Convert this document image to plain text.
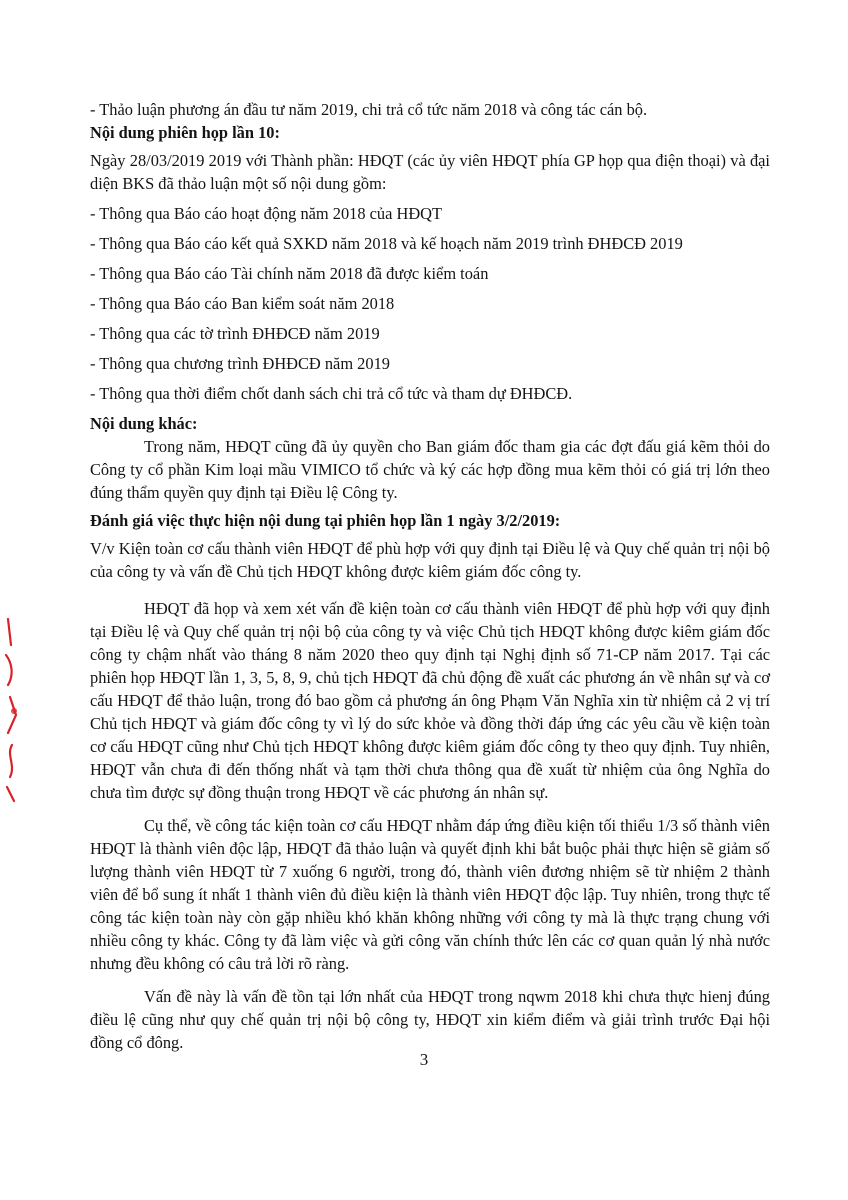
- Thảo luận phương án đầu tư năm 2019, chi trả cổ tức năm 2018 và công tác cán bộ.

Nội dung phiên họp lần 10:

Ngày 28/03/2019 2019 với Thành phần: HĐQT (các ủy viên HĐQT phía GP họp qua điện thoại) và đại diện BKS đã thảo luận một số nội dung gồm:

- Thông qua Báo cáo hoạt động năm 2018 của HĐQT

- Thông qua Báo cáo kết quả SXKD năm 2018 và kế hoạch năm 2019 trình ĐHĐCĐ 2019

- Thông qua Báo cáo Tài chính năm 2018 đã được kiểm toán

- Thông qua Báo cáo Ban kiểm soát năm 2018

- Thông qua các tờ trình ĐHĐCĐ năm 2019

- Thông qua chương trình ĐHĐCĐ năm 2019

- Thông qua thời điểm chốt danh sách chi trả cổ tức và tham dự ĐHĐCĐ.

Nội dung khác:

Trong năm, HĐQT cũng đã ủy quyền cho Ban giám đốc tham gia các đợt đấu giá kẽm thỏi do Công ty cổ phần Kim loại mầu VIMICO tổ chức và ký các hợp đồng mua kẽm thỏi có giá trị lớn theo đúng thẩm quyền quy định tại Điều lệ Công ty.

Đánh giá việc thực hiện nội dung tại phiên họp lần 1 ngày 3/2/2019:

V/v Kiện toàn cơ cấu thành viên HĐQT để phù hợp với quy định tại Điều lệ và Quy chế quản trị nội bộ của công ty và vấn đề Chủ tịch HĐQT không được kiêm giám đốc công ty.

HĐQT đã họp và xem xét vấn đề kiện toàn cơ cấu thành viên HĐQT để phù hợp với quy định tại Điều lệ và Quy chế quản trị nội bộ của công ty và việc Chủ tịch HĐQT không được kiêm giám đốc công ty chậm nhất vào tháng 8 năm 2020 theo quy định tại Nghị định số 71-CP năm 2017. Tại các phiên họp HĐQT lần 1, 3, 5, 8, 9, chủ tịch HĐQT đã chủ động đề xuất các phương án về nhân sự và cơ cấu HĐQT để thảo luận, trong đó bao gồm cả phương án ông Phạm Văn Nghĩa xin từ nhiệm cả 2 vị trí Chủ tịch HĐQT và giám đốc công ty vì lý do sức khỏe và đồng thời đáp ứng các yêu cầu về kiện toàn cơ cấu HĐQT cũng như Chủ tịch HĐQT không được kiêm giám đốc công ty theo quy định. Tuy nhiên, HĐQT vẫn chưa đi đến thống nhất và tạm thời chưa thông qua đề xuất từ nhiệm của ông Nghĩa do chưa tìm được sự đồng thuận trong HĐQT về các phương án nhân sự.

Cụ thể, về công tác kiện toàn cơ cấu HĐQT nhằm đáp ứng điều kiện tối thiểu 1/3 số thành viên HĐQT là thành viên độc lập, HĐQT đã thảo luận và quyết định khi bắt buộc phải thực hiện sẽ giảm số lượng thành viên HĐQT từ 7 xuống 6 người, trong đó, thành viên đương nhiệm sẽ từ nhiệm 2 thành viên để bổ sung ít nhất 1 thành viên đủ điều kiện là thành viên HĐQT độc lập. Tuy nhiên, trong thực tế công tác kiện toàn này còn gặp nhiều khó khăn không những với công ty mà là thực trạng chung với nhiều công ty khác. Công ty đã làm việc và gửi công văn chính thức lên các cơ quan quản lý nhà nước nhưng đều không có câu trả lời rõ ràng.

Vấn đề này là vấn đề tồn tại lớn nhất của HĐQT trong nqwm 2018 khi chưa thực hienj đúng điều lệ cũng như quy chế quản trị nội bộ công ty, HĐQT xin kiểm điểm và giải trình trước Đại hội đồng cổ đông.

3
